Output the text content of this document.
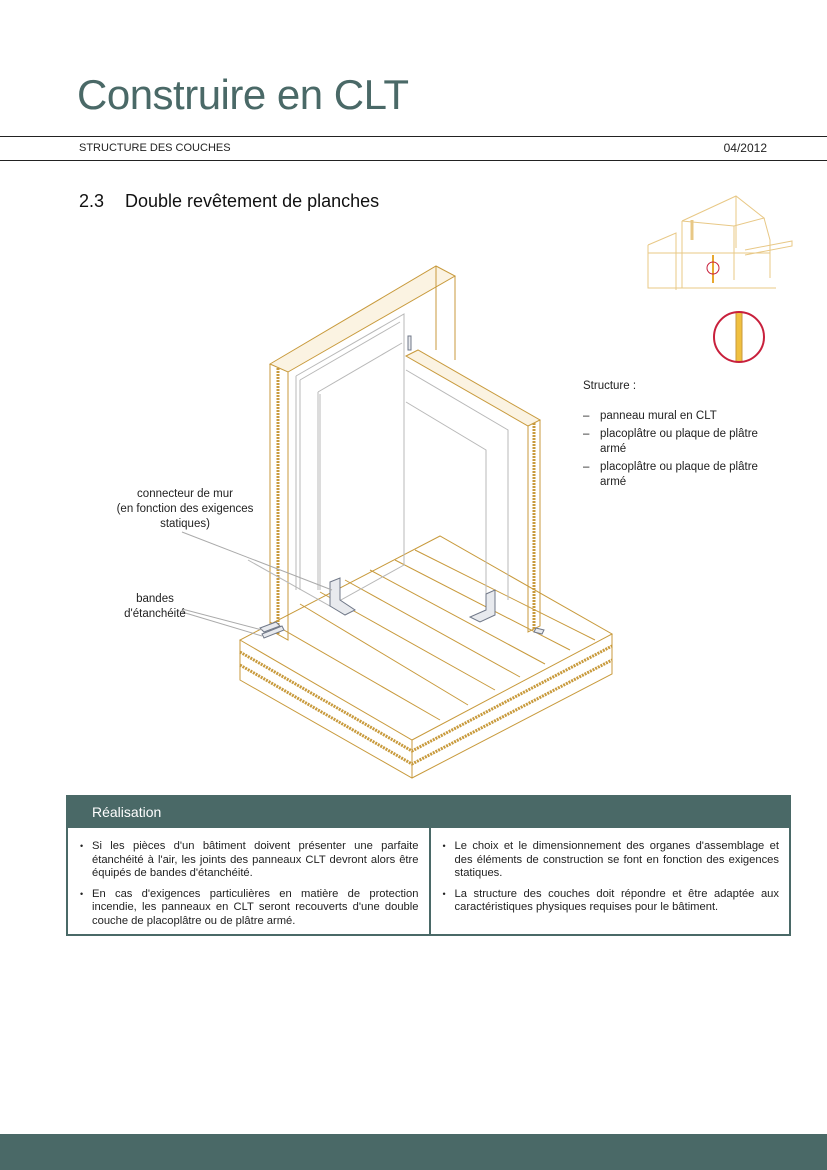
Construire en CLT
STRUCTURE DES COUCHES	04/2012
2.3 Double revêtement de planches
connecteur de mur
(en fonction des exigences
statiques)
bandes
d'étanchéité
Structure :
– panneau mural en CLT
– placoplâtre ou plaque de plâtre armé
– placoplâtre ou plaque de plâtre armé
Réalisation
• Si les pièces d'un bâtiment doivent présenter une parfaite étanchéité à l'air, les joints des panneaux CLT devront alors être équipés de bandes d'étanchéité.
• En cas d'exigences particulières en matière de protection incendie, les panneaux en CLT seront recouverts d'une double couche de placoplâtre ou de plâtre armé.
• Le choix et le dimensionnement des organes d'assemblage et des éléments de construction se font en fonction des exigences statiques.
• La structure des couches doit répondre et être adaptée aux caractéristiques physiques requises pour le bâtiment.
